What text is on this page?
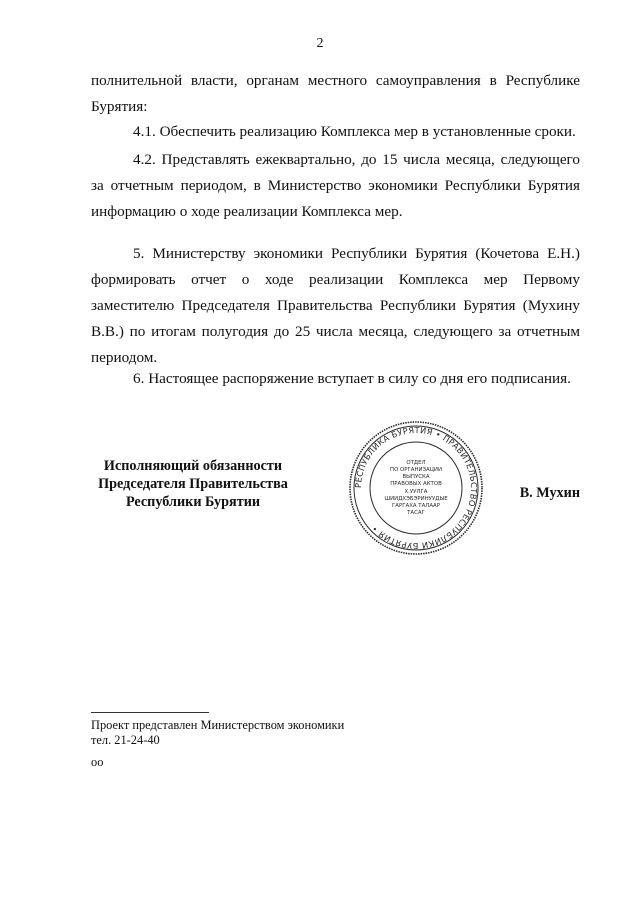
2

полнительной власти, органам местного самоуправления в Республике Бурятия:

4.1. Обеспечить реализацию Комплекса мер в установленные сроки.

4.2. Представлять ежеквартально, до 15 числа месяца, следующего за отчетным периодом, в Министерство экономики Республики Бурятия информацию о ходе реализации Комплекса мер.

5. Министерству экономики Республики Бурятия (Кочетова Е.Н.) формировать отчет о ходе реализации Комплекса мер Первому заместителю Председателя Правительства Республики Бурятия (Мухину В.В.) по итогам полугодия до 25 числа месяца, следующего за отчетным периодом.

6. Настоящее распоряжение вступает в силу со дня его подписания.

Исполняющий обязанности
Председателя Правительства
Республики Бурятии
РЕСПУБЛИКА БУРЯТИЯ • ПРАВИТЕЛЬСТВО РЕСПУБЛИКИ БУРЯТИЯ •
ОТДЕЛ
ПО ОРГАНИЗАЦИИ
ВЫПУСКА
ПРАВОВЫХ АКТОВ
Х.УУЛГА
ШИИДХЭБЭРИНУУДЫЕ
ГАРГАХА ТАЛААР
ТАСАГ
В. Мухин
Проект представлен Министерством экономики
тел. 21-24-40
оо
